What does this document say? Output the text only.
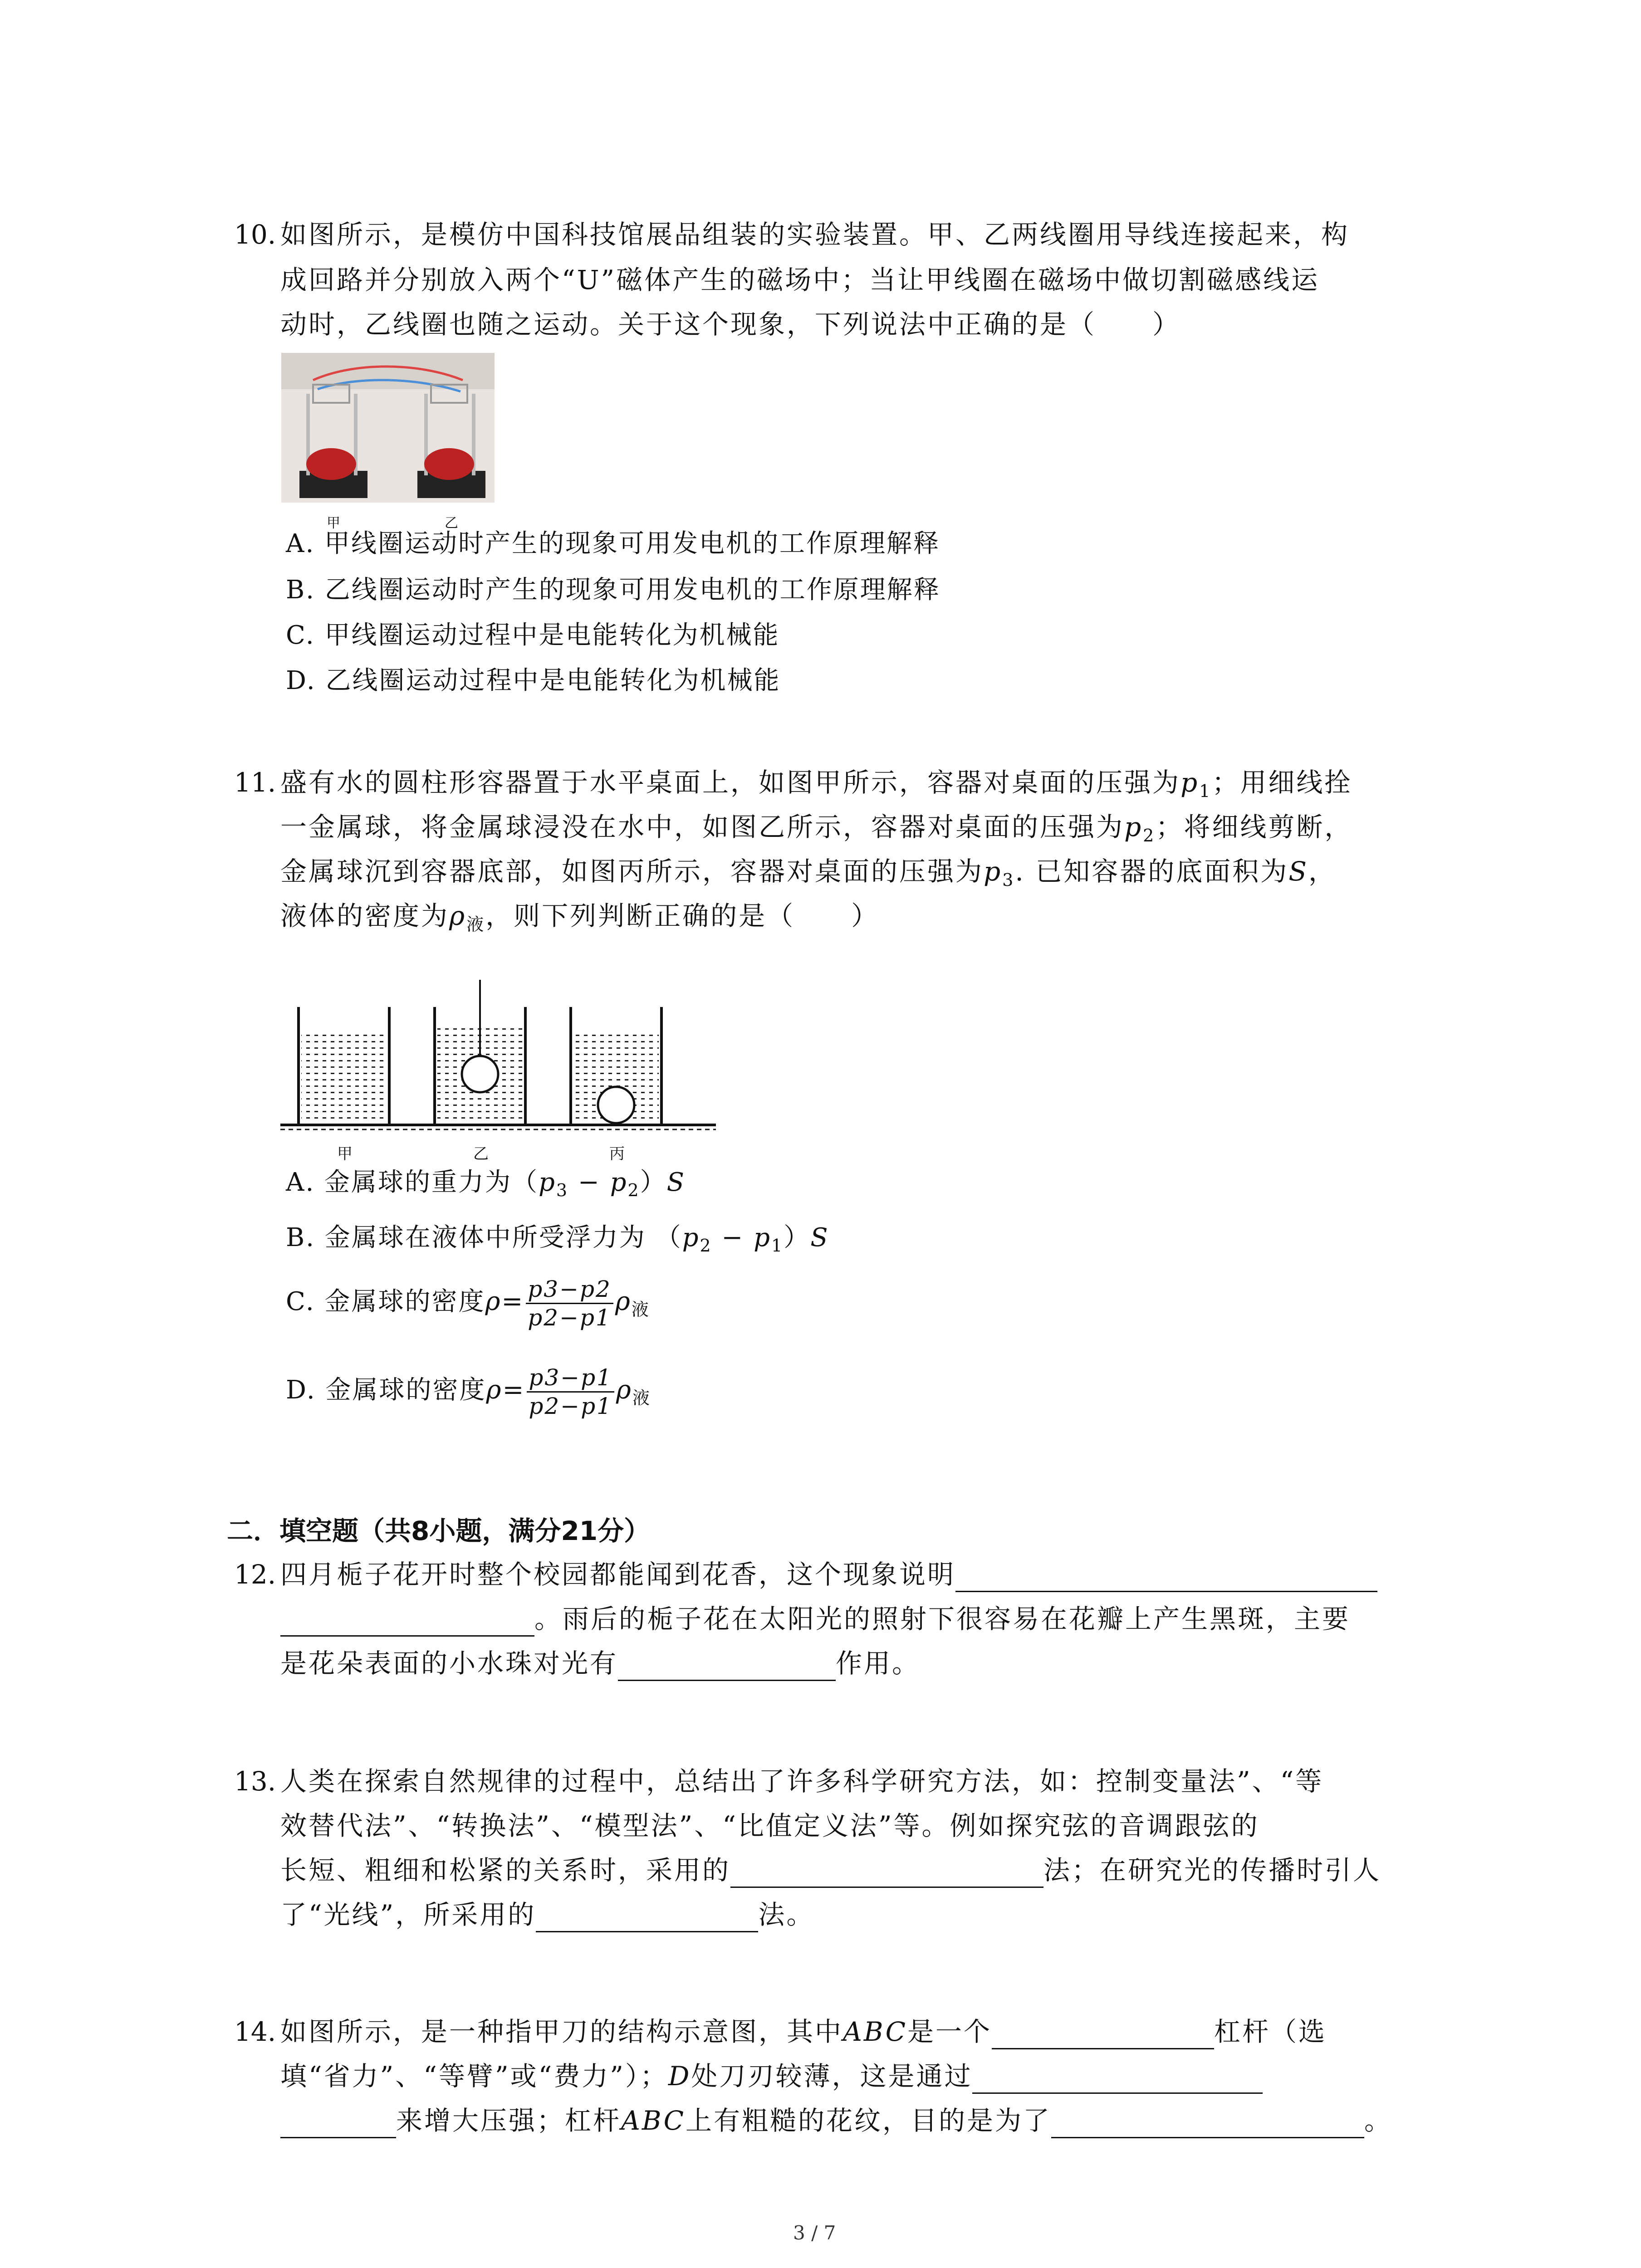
10. 如图所示，是模仿中国科技馆展品组装的实验装置。甲、乙两线圈用导线连接起来，构
成回路并分别放入两个“U”磁体产生的磁场中；当让甲线圈在磁场中做切割磁感线运
动时，乙线圈也随之运动。关于这个现象，下列说法中正确的是（　　）
甲	乙
A. 甲线圈运动时产生的现象可用发电机的工作原理解释
B. 乙线圈运动时产生的现象可用发电机的工作原理解释
C. 甲线圈运动过程中是电能转化为机械能
D. 乙线圈运动过程中是电能转化为机械能
11. 盛有水的圆柱形容器置于水平桌面上，如图甲所示，容器对桌面的压强为$p_1$；用细线拴
一金属球，将金属球浸没在水中，如图乙所示，容器对桌面的压强为$p_2$；将细线剪断，
金属球沉到容器底部，如图丙所示，容器对桌面的压强为$p_3$. 已知容器的底面积为S，
液体的密度为$\rho_液$，则下列判断正确的是（　　）
甲	乙	丙
A. 金属球的重力为$(p_3 - p_2)S$
B. 金属球在液体中所受浮力为 $(p_2 - p_1)S$
C. 金属球的密度$\rho= \frac{p3-p2}{p2-p1} \rho_液$
D. 金属球的密度$\rho= \frac{p3-p1}{p2-p1} \rho_液$
二．填空题（共8小题，满分21分）
12. 四月栀子花开时整个校园都能闻到花香，这个现象说明
。雨后的栀子花在太阳光的照射下很容易在花瓣上产生黑斑，主要
是花朵表面的小水珠对光有	作用。
13. 人类在探索自然规律的过程中，总结出了许多科学研究方法，如：控制变量法”、“等
效替代法”、“转换法”、“模型法”、“比值定义法”等。例如探究弦的音调跟弦的
长短、粗细和松紧的关系时，采用的	法；在研究光的传播时引人
了“光线”，所采用的	法。
14. 如图所示，是一种指甲刀的结构示意图，其中ABC是一个	杠杆（选
填“省力”、“等臂”或“费力”）；D处刀刃较薄，这是通过
来增大压强；杠杆ABC上有粗糙的花纹，目的是为了	。
3 / 7
